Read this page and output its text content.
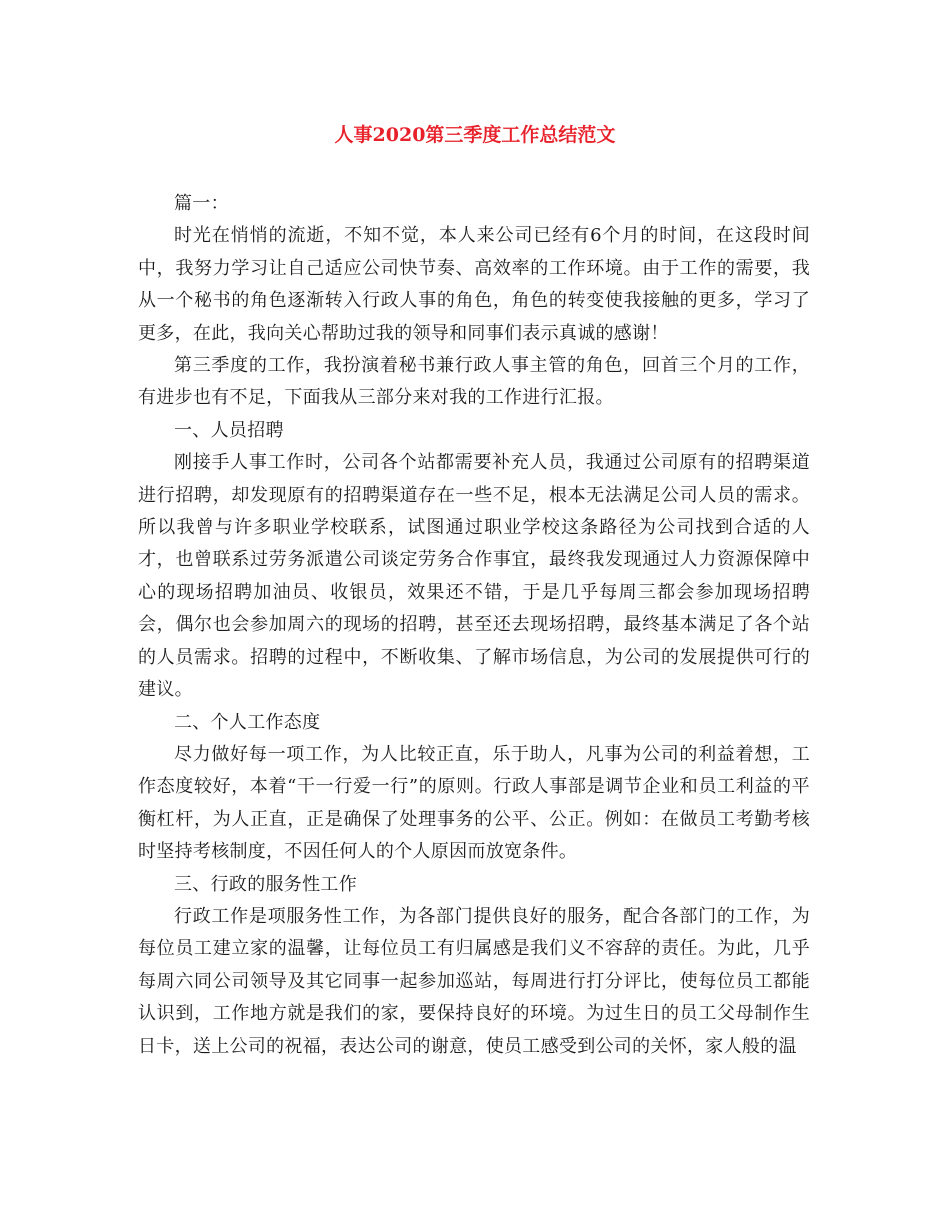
人事2020第三季度工作总结范文

篇一：

时光在悄悄的流逝，不知不觉，本人来公司已经有6个月的时间，在这段时间中，我努力学习让自己适应公司快节奏、高效率的工作环境。由于工作的需要，我从一个秘书的角色逐渐转入行政人事的角色，角色的转变使我接触的更多，学习了更多，在此，我向关心帮助过我的领导和同事们表示真诚的感谢！

第三季度的工作，我扮演着秘书兼行政人事主管的角色，回首三个月的工作，有进步也有不足，下面我从三部分来对我的工作进行汇报。

一、人员招聘

刚接手人事工作时，公司各个站都需要补充人员，我通过公司原有的招聘渠道进行招聘，却发现原有的招聘渠道存在一些不足，根本无法满足公司人员的需求。所以我曾与许多职业学校联系，试图通过职业学校这条路径为公司找到合适的人才，也曾联系过劳务派遣公司谈定劳务合作事宜，最终我发现通过人力资源保障中心的现场招聘加油员、收银员，效果还不错，于是几乎每周三都会参加现场招聘会，偶尔也会参加周六的现场的招聘，甚至还去现场招聘，最终基本满足了各个站的人员需求。招聘的过程中，不断收集、了解市场信息，为公司的发展提供可行的建议。

二、个人工作态度

尽力做好每一项工作，为人比较正直，乐于助人，凡事为公司的利益着想，工作态度较好，本着“干一行爱一行”的原则。行政人事部是调节企业和员工利益的平衡杠杆，为人正直，正是确保了处理事务的公平、公正。例如：在做员工考勤考核时坚持考核制度，不因任何人的个人原因而放宽条件。

三、行政的服务性工作

行政工作是项服务性工作，为各部门提供良好的服务，配合各部门的工作，为每位员工建立家的温馨，让每位员工有归属感是我们义不容辞的责任。为此，几乎每周六同公司领导及其它同事一起参加巡站，每周进行打分评比，使每位员工都能认识到，工作地方就是我们的家，要保持良好的环境。为过生日的员工父母制作生日卡，送上公司的祝福，表达公司的谢意，使员工感受到公司的关怀，家人般的温
